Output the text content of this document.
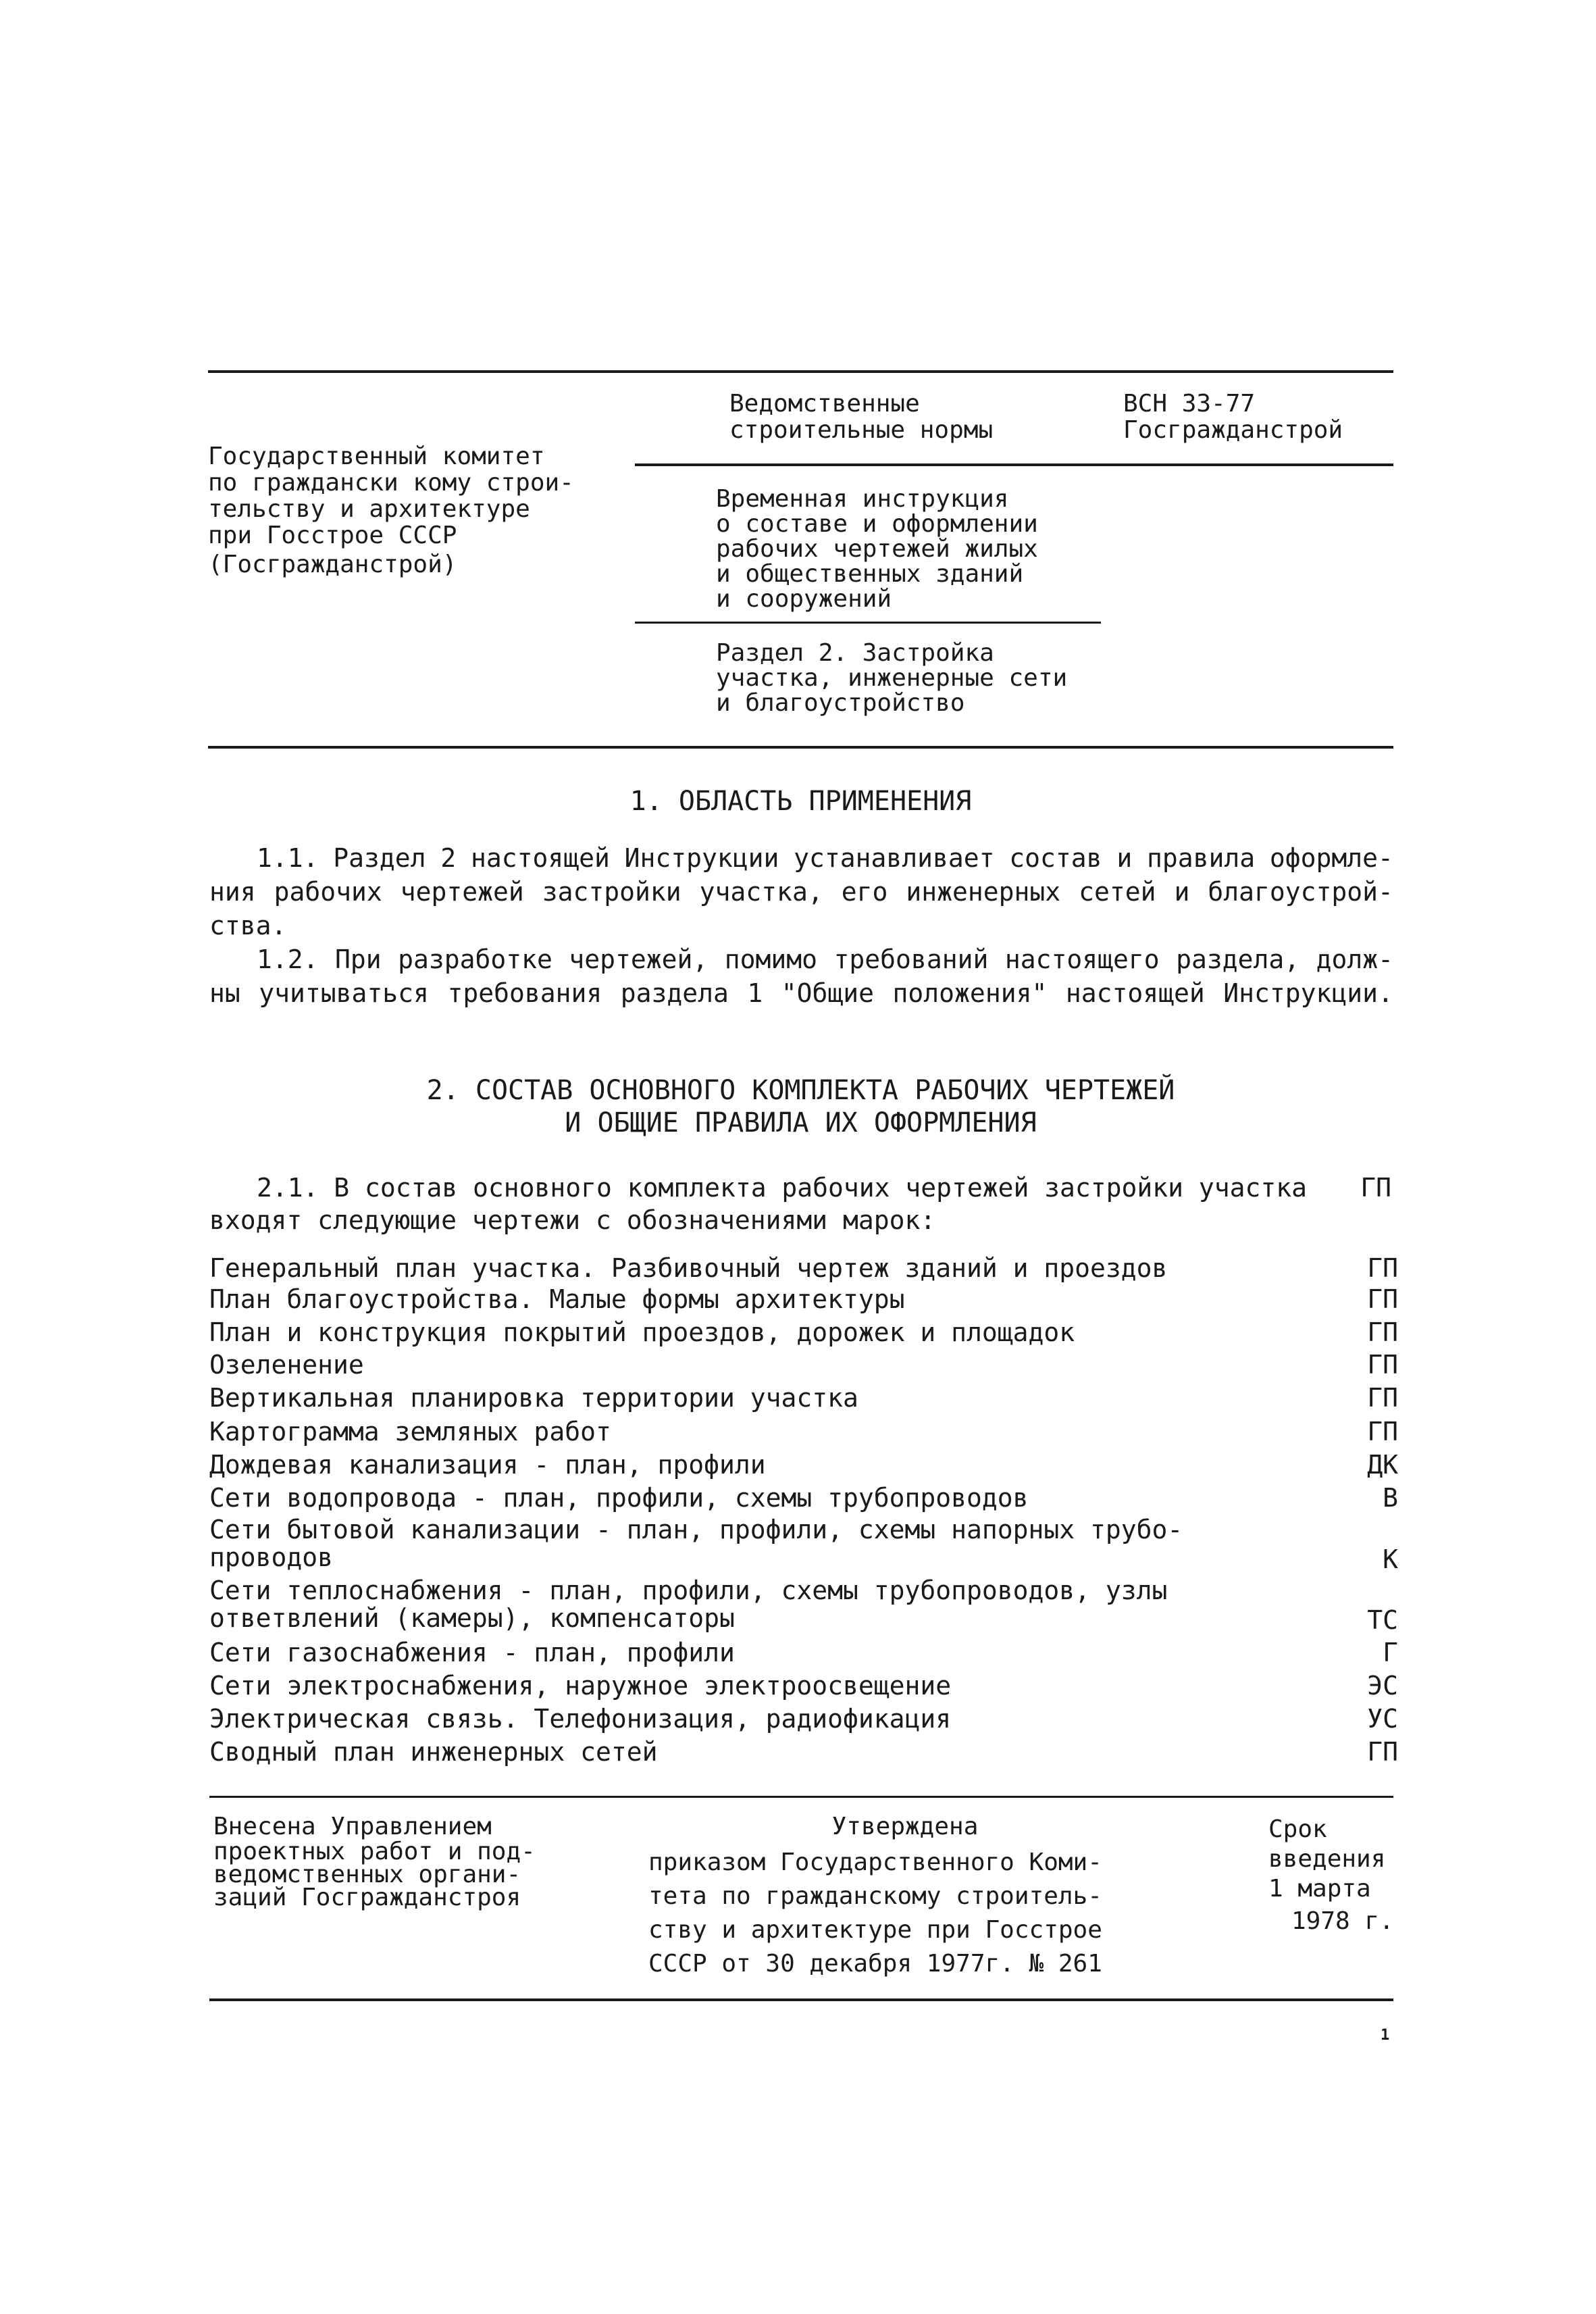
Государственный комитет
по граждански кому строи-
тельству и архитектуре
при Госстрое СССР
(Госгражданстрой)
Ведомственные
строительные нормы
ВСН 33-77
Госгражданстрой
Временная инструкция
о составе и оформлении
рабочих чертежей жилых
и общественных зданий
и сооружений
Раздел 2. Застройка
участка, инженерные сети
и благоустройство
1. ОБЛАСТЬ ПРИМЕНЕНИЯ
1.1. Раздел 2 настоящей Инструкции устанавливает состав и правила оформле-
ния рабочих чертежей застройки участка, его инженерных сетей и благоустрой-
ства.
1.2. При разработке чертежей, помимо требований настоящего раздела, долж-
ны учитываться требования раздела 1 "Общие положения" настоящей Инструкции.
2. СОСТАВ ОСНОВНОГО КОМПЛЕКТА РАБОЧИХ ЧЕРТЕЖЕЙ
И ОБЩИЕ ПРАВИЛА ИХ ОФОРМЛЕНИЯ
2.1. В состав основного комплекта рабочих чертежей застройки участка	ГП
входят следующие чертежи с обозначениями марок:
Генеральный план участка. Разбивочный чертеж зданий и проездов	ГП
План благоустройства. Малые формы архитектуры	ГП
План и конструкция покрытий проездов, дорожек и площадок	ГП
Озеленение	ГП
Вертикальная планировка территории участка	ГП
Картограмма земляных работ	ГП
Дождевая канализация - план, профили	ДК
Сети водопровода - план, профили, схемы трубопроводов	В
Сети бытовой канализации - план, профили, схемы напорных трубо-
проводов	К
Сети теплоснабжения - план, профили, схемы трубопроводов, узлы
ответвлений (камеры), компенсаторы	ТС
Сети газоснабжения - план, профили	Г
Сети электроснабжения, наружное электроосвещение	ЭС
Электрическая связь. Телефонизация, радиофикация	УС
Сводный план инженерных сетей	ГП
Внесена Управлением
проектных работ и под-
ведомственных органи-
заций Госгражданстроя
Утверждена
приказом Государственного Коми-
тета по гражданскому строитель-
ству и архитектуре при Госстрое
СССР от 30 декабря 1977г. № 261
Срок
введения
1 марта
1978 г.
1
